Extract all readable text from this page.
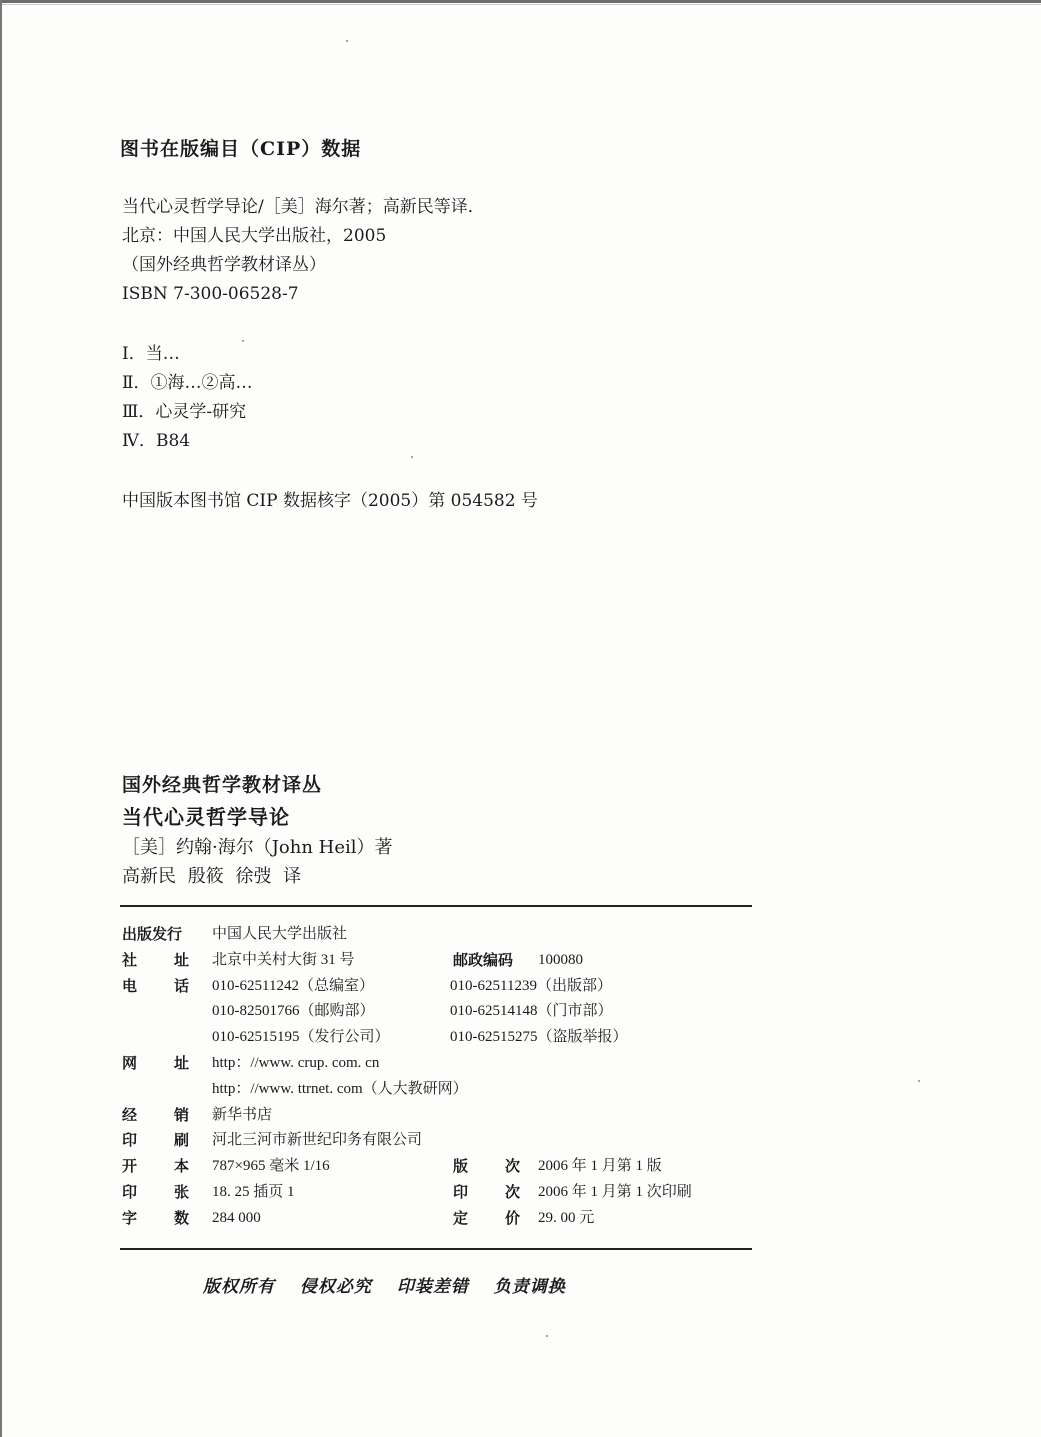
图书在版编目（CIP）数据
当代心灵哲学导论/［美］海尔著；高新民等译．
北京：中国人民大学出版社，2005
（国外经典哲学教材译丛）
ISBN 7-300-06528-7
Ⅰ．当…
Ⅱ．①海…②高…
Ⅲ．心灵学-研究
Ⅳ．B84
中国版本图书馆 CIP 数据核字（2005）第 054582 号
国外经典哲学教材译丛
当代心灵哲学导论
［美］约翰·海尔（John Heil）著
高新民 殷筱 徐弢 译
出版发行 中国人民大学出版社
社 址 北京中关村大街 31 号	邮政编码 100080
电 话 010-62511242（总编室）	010-62511239（出版部）
010-82501766（邮购部）	010-62514148（门市部）
010-62515195（发行公司）	010-62515275（盗版举报）
网 址 http：//www. crup. com. cn
http：//www. ttrnet. com（人大教研网）
经 销 新华书店
印 刷 河北三河市新世纪印务有限公司
开 本 787×965 毫米 1/16	版 次 2006 年 1 月第 1 版
印 张 18. 25 插页 1	印 次 2006 年 1 月第 1 次印刷
字 数 284 000	定 价 29. 00 元
版权所有 侵权必究 印装差错 负责调换
